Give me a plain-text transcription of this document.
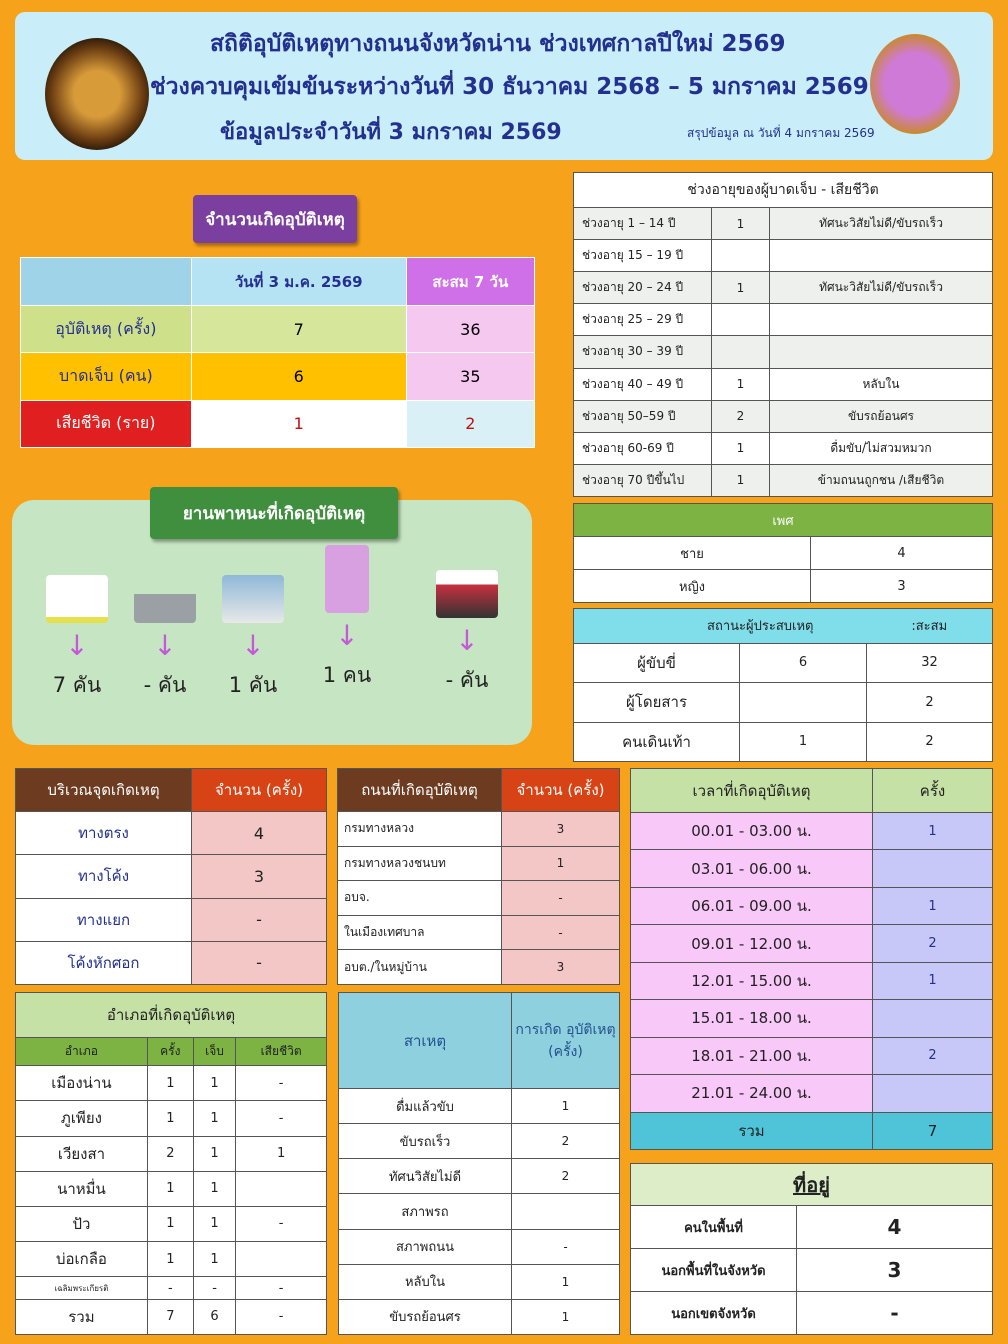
สถิติอุบัติเหตุทางถนนจังหวัดน่าน ช่วงเทศกาลปีใหม่ 2569
ช่วงควบคุมเข้มข้นระหว่างวันที่ 30 ธันวาคม 2568 – 5 มกราคม 2569
ข้อมูลประจำวันที่ 3 มกราคม 2569	สรุปข้อมูล ณ วันที่ 4 มกราคม 2569
จำนวนเกิดอุบัติเหตุ
	วันที่ 3 ม.ค. 2569	สะสม 7 วัน
อุบัติเหตุ (ครั้ง)	7	36
บาดเจ็บ (คน)	6	35
เสียชีวิต (ราย)	1	2
↓
7 คัน
↓
- คัน
↓
1 คัน
↓
1 คน
↓
- คัน
ยานพาหนะที่เกิดอุบัติเหตุ
ช่วงอายุของผู้บาดเจ็บ - เสียชีวิต		
ช่วงอายุ 1 – 14 ปี	1	ทัศนะวิสัยไม่ดี/ขับรถเร็ว
ช่วงอายุ 15 – 19 ปี		
ช่วงอายุ 20 – 24 ปี	1	ทัศนะวิสัยไม่ดี/ขับรถเร็ว
ช่วงอายุ 25 – 29 ปี		
ช่วงอายุ 30 – 39 ปี		
ช่วงอายุ 40 – 49 ปี	1	หลับใน
ช่วงอายุ 50–59 ปี	2	ขับรถย้อนศร
ช่วงอายุ 60-69 ปี	1	ดื่มขับ/ไม่สวมหมวก
ช่วงอายุ 70 ปีขึ้นไป	1	ข้ามถนนถูกชน /เสียชีวิต
เพศ	
ชาย	4
หญิง	3
สถานะผู้ประสบเหตุ		:สะสม
ผู้ขับขี่	6	32
ผู้โดยสาร		2
คนเดินเท้า	1	2
บริเวณจุดเกิดเหตุ	จำนวน (ครั้ง)
ทางตรง	4
ทางโค้ง	3
ทางแยก	-
โค้งหักศอก	-
ถนนที่เกิดอุบัติเหตุ	จำนวน (ครั้ง)
กรมทางหลวง	3
กรมทางหลวงชนบท	1
อบจ.	-
ในเมืองเทศบาล	-
อบต./ในหมู่บ้าน	3
เวลาที่เกิดอุบัติเหตุ	ครั้ง
00.01 - 03.00 น.	1
03.01 - 06.00 น.	
06.01 - 09.00 น.	1
09.01 - 12.00 น.	2
12.01 - 15.00 น.	1
15.01 - 18.00 น.	
18.01 - 21.00 น.	2
21.01 - 24.00 น.	
รวม	7
อำเภอที่เกิดอุบัติเหตุ			
อำเภอ	ครั้ง	เจ็บ	เสียชีวิต
เมืองน่าน	1	1	-
ภูเพียง	1	1	-
เวียงสา	2	1	1
นาหมื่น	1	1	
ปัว	1	1	-
บ่อเกลือ	1	1	
เฉลิมพระเกียรติ	-	-	-
รวม	7	6	-
สาเหตุ	การเกิด อุบัติเหตุ (ครั้ง)
ดื่มแล้วขับ	1
ขับรถเร็ว	2
ทัศนวิสัยไม่ดี	2
สภาพรถ	
สภาพถนน	-
หลับใน	1
ขับรถย้อนศร	1
ที่อยู่	
คนในพื้นที่	4
นอกพื้นที่ในจังหวัด	3
นอกเขตจังหวัด	-
